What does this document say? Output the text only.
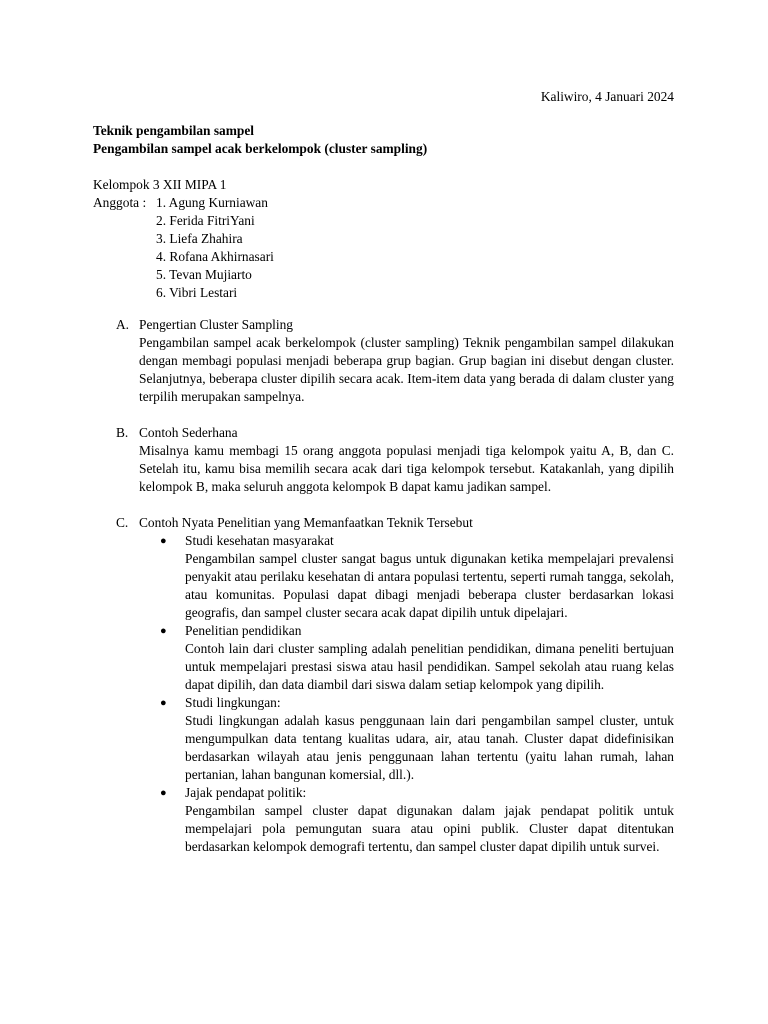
Kaliwiro, 4 Januari 2024
Teknik pengambilan sampel
Pengambilan sampel acak berkelompok (cluster sampling)
Kelompok 3 XII MIPA 1
Anggota : 1. Agung Kurniawan
2. Ferida FitriYani
3. Liefa Zhahira
4. Rofana Akhirnasari
5. Tevan Mujiarto
6. Vibri Lestari
A. Pengertian Cluster Sampling
Pengambilan sampel acak berkelompok (cluster sampling) Teknik pengambilan sampel dilakukan dengan membagi populasi menjadi beberapa grup bagian. Grup bagian ini disebut dengan cluster. Selanjutnya, beberapa cluster dipilih secara acak. Item-item data yang berada di dalam cluster yang terpilih merupakan sampelnya.
B. Contoh Sederhana
Misalnya kamu membagi 15 orang anggota populasi menjadi tiga kelompok yaitu A, B, dan C. Setelah itu, kamu bisa memilih secara acak dari tiga kelompok tersebut. Katakanlah, yang dipilih kelompok B, maka seluruh anggota kelompok B dapat kamu jadikan sampel.
C. Contoh Nyata Penelitian yang Memanfaatkan Teknik Tersebut
● Studi kesehatan masyarakat
Pengambilan sampel cluster sangat bagus untuk digunakan ketika mempelajari prevalensi penyakit atau perilaku kesehatan di antara populasi tertentu, seperti rumah tangga, sekolah, atau komunitas. Populasi dapat dibagi menjadi beberapa cluster berdasarkan lokasi geografis, dan sampel cluster secara acak dapat dipilih untuk dipelajari.
● Penelitian pendidikan
Contoh lain dari cluster sampling adalah penelitian pendidikan, dimana peneliti bertujuan untuk mempelajari prestasi siswa atau hasil pendidikan. Sampel sekolah atau ruang kelas dapat dipilih, dan data diambil dari siswa dalam setiap kelompok yang dipilih.
● Studi lingkungan:
Studi lingkungan adalah kasus penggunaan lain dari pengambilan sampel cluster, untuk mengumpulkan data tentang kualitas udara, air, atau tanah. Cluster dapat didefinisikan berdasarkan wilayah atau jenis penggunaan lahan tertentu (yaitu lahan rumah, lahan pertanian, lahan bangunan komersial, dll.).
● Jajak pendapat politik:
Pengambilan sampel cluster dapat digunakan dalam jajak pendapat politik untuk mempelajari pola pemungutan suara atau opini publik. Cluster dapat ditentukan berdasarkan kelompok demografi tertentu, dan sampel cluster dapat dipilih untuk survei.
